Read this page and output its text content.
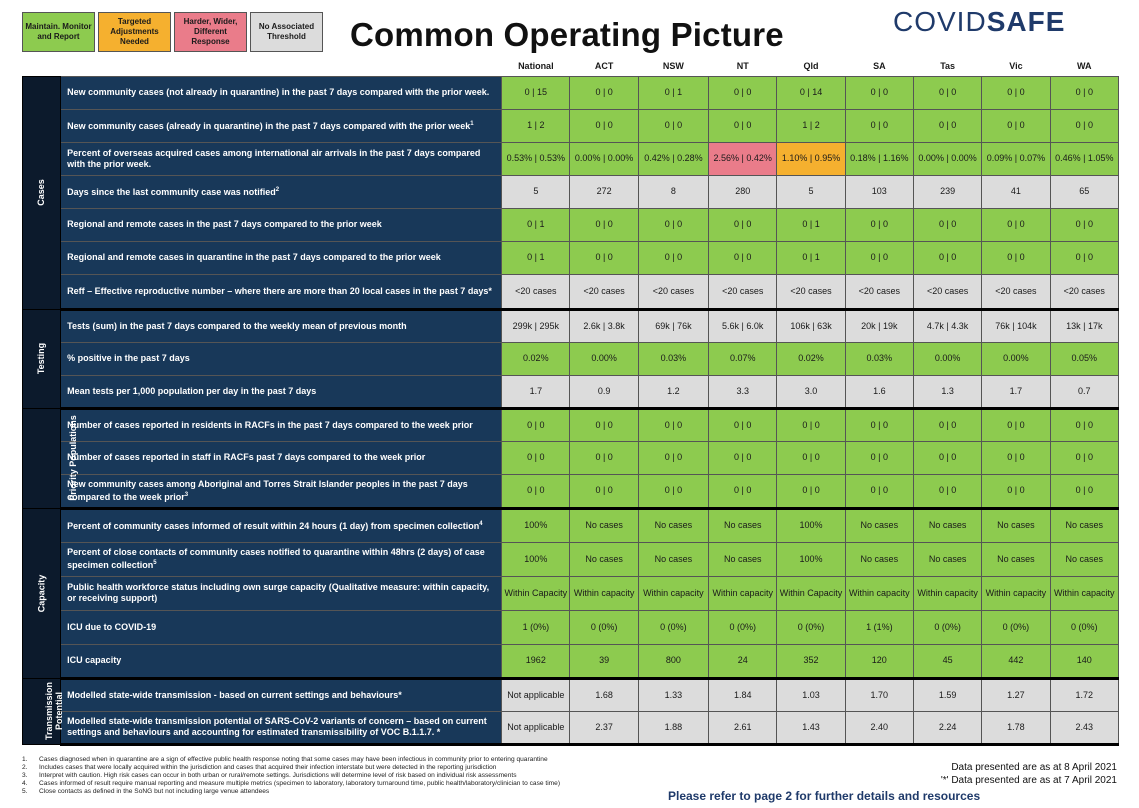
Maintain. Monitor and Report
Targeted Adjustments Needed
Harder, Wider, Different Response
No Associated Threshold	Common Operating Picture	COVIDSAFE
		National	ACT	NSW	NT	Qld	SA	Tas	Vic	WA
Cases	New community cases (not already in quarantine) in the past 7 days compared with the prior week.	0 | 15	0 | 0	0 | 1	0 | 0	0 | 14	0 | 0	0 | 0	0 | 0	0 | 0
	New community cases (already in quarantine) in the past 7 days compared with the prior week$^1$	1 | 2	0 | 0	0 | 0	0 | 0	1 | 2	0 | 0	0 | 0	0 | 0	0 | 0
	Percent of overseas acquired cases among international air arrivals in the past 7 days compared with the prior week.	0.53% | 0.53%	0.00% | 0.00%	0.42% | 0.28%	2.56% | 0.42%	1.10% | 0.95%	0.18% | 1.16%	0.00% | 0.00%	0.09% | 0.07%	0.46% | 1.05%
	Days since the last community case was notified$^2$	5	272	8	280	5	103	239	41	65
	Regional and remote cases in the past 7 days compared to the prior week	0 | 1	0 | 0	0 | 0	0 | 0	0 | 1	0 | 0	0 | 0	0 | 0	0 | 0
	Regional and remote cases in quarantine in the past 7 days compared to the prior week	0 | 1	0 | 0	0 | 0	0 | 0	0 | 1	0 | 0	0 | 0	0 | 0	0 | 0
	Reff – Effective reproductive number – where there are more than 20 local cases in the past 7 days*	<20 cases	<20 cases	<20 cases	<20 cases	<20 cases	<20 cases	<20 cases	<20 cases	<20 cases
Testing	Tests (sum) in the past 7 days compared to the weekly mean of previous month	299k | 295k	2.6k | 3.8k	69k | 76k	5.6k | 6.0k	106k | 63k	20k | 19k	4.7k | 4.3k	76k | 104k	13k | 17k
	% positive in the past 7 days	0.02%	0.00%	0.03%	0.07%	0.02%	0.03%	0.00%	0.00%	0.05%
	Mean tests per 1,000 population per day in the past 7 days	1.7	0.9	1.2	3.3	3.0	1.6	1.3	1.7	0.7
Priority Populations	Number of cases reported in residents in RACFs in the past 7 days compared to the week prior	0 | 0	0 | 0	0 | 0	0 | 0	0 | 0	0 | 0	0 | 0	0 | 0	0 | 0
	Number of cases reported in staff in RACFs past 7 days compared to the week prior	0 | 0	0 | 0	0 | 0	0 | 0	0 | 0	0 | 0	0 | 0	0 | 0	0 | 0
	New community cases among Aboriginal and Torres Strait Islander peoples in the past 7 days compared to the week prior$^3$	0 | 0	0 | 0	0 | 0	0 | 0	0 | 0	0 | 0	0 | 0	0 | 0	0 | 0
Capacity	Percent of community cases informed of result within 24 hours (1 day) from specimen collection$^4$	100%	No cases	No cases	No cases	100%	No cases	No cases	No cases	No cases
	Percent of close contacts of community cases notified to quarantine within 48hrs (2 days) of case specimen collection$^5$	100%	No cases	No cases	No cases	100%	No cases	No cases	No cases	No cases
	Public health workforce status including own surge capacity (Qualitative measure: within capacity, or receiving support)	Within Capacity	Within capacity	Within capacity	Within capacity	Within Capacity	Within capacity	Within capacity	Within capacity	Within capacity
	ICU due to COVID-19	1 (0%)	0 (0%)	0 (0%)	0 (0%)	0 (0%)	1 (1%)	0 (0%)	0 (0%)	0 (0%)
	ICU capacity	1962	39	800	24	352	120	45	442	140
Transmission Potential	Modelled state-wide transmission - based on current settings and behaviours*	Not applicable	1.68	1.33	1.84	1.03	1.70	1.59	1.27	1.72
	Modelled state-wide transmission potential of SARS-CoV-2 variants of concern – based on current settings and behaviours and accounting for estimated transmissibility of VOC B.1.1.7. *	Not applicable	2.37	1.88	2.61	1.43	2.40	2.24	1.78	2.43
1. Cases diagnosed when in quarantine are a sign of effective public health response noting that some cases may have been infectious in community prior to entering quarantine
2. Includes cases that were locally acquired within the jurisdiction and cases that acquired their infection interstate but were detected in the reporting jurisdiction
3. Interpret with caution. High risk cases can occur in both urban or rural/remote settings. Jurisdictions will determine level of risk based on individual risk assessments
4. Cases informed of result require manual reporting and measure multiple metrics (specimen to laboratory, laboratory turnaround time, public health/laboratory/clinician to case time)
5. Close contacts as defined in the SoNG but not including large venue attendees
Data presented are as at 8 April 2021
'*' Data presented are as at 7 April 2021
Please refer to page 2 for further details and resources
